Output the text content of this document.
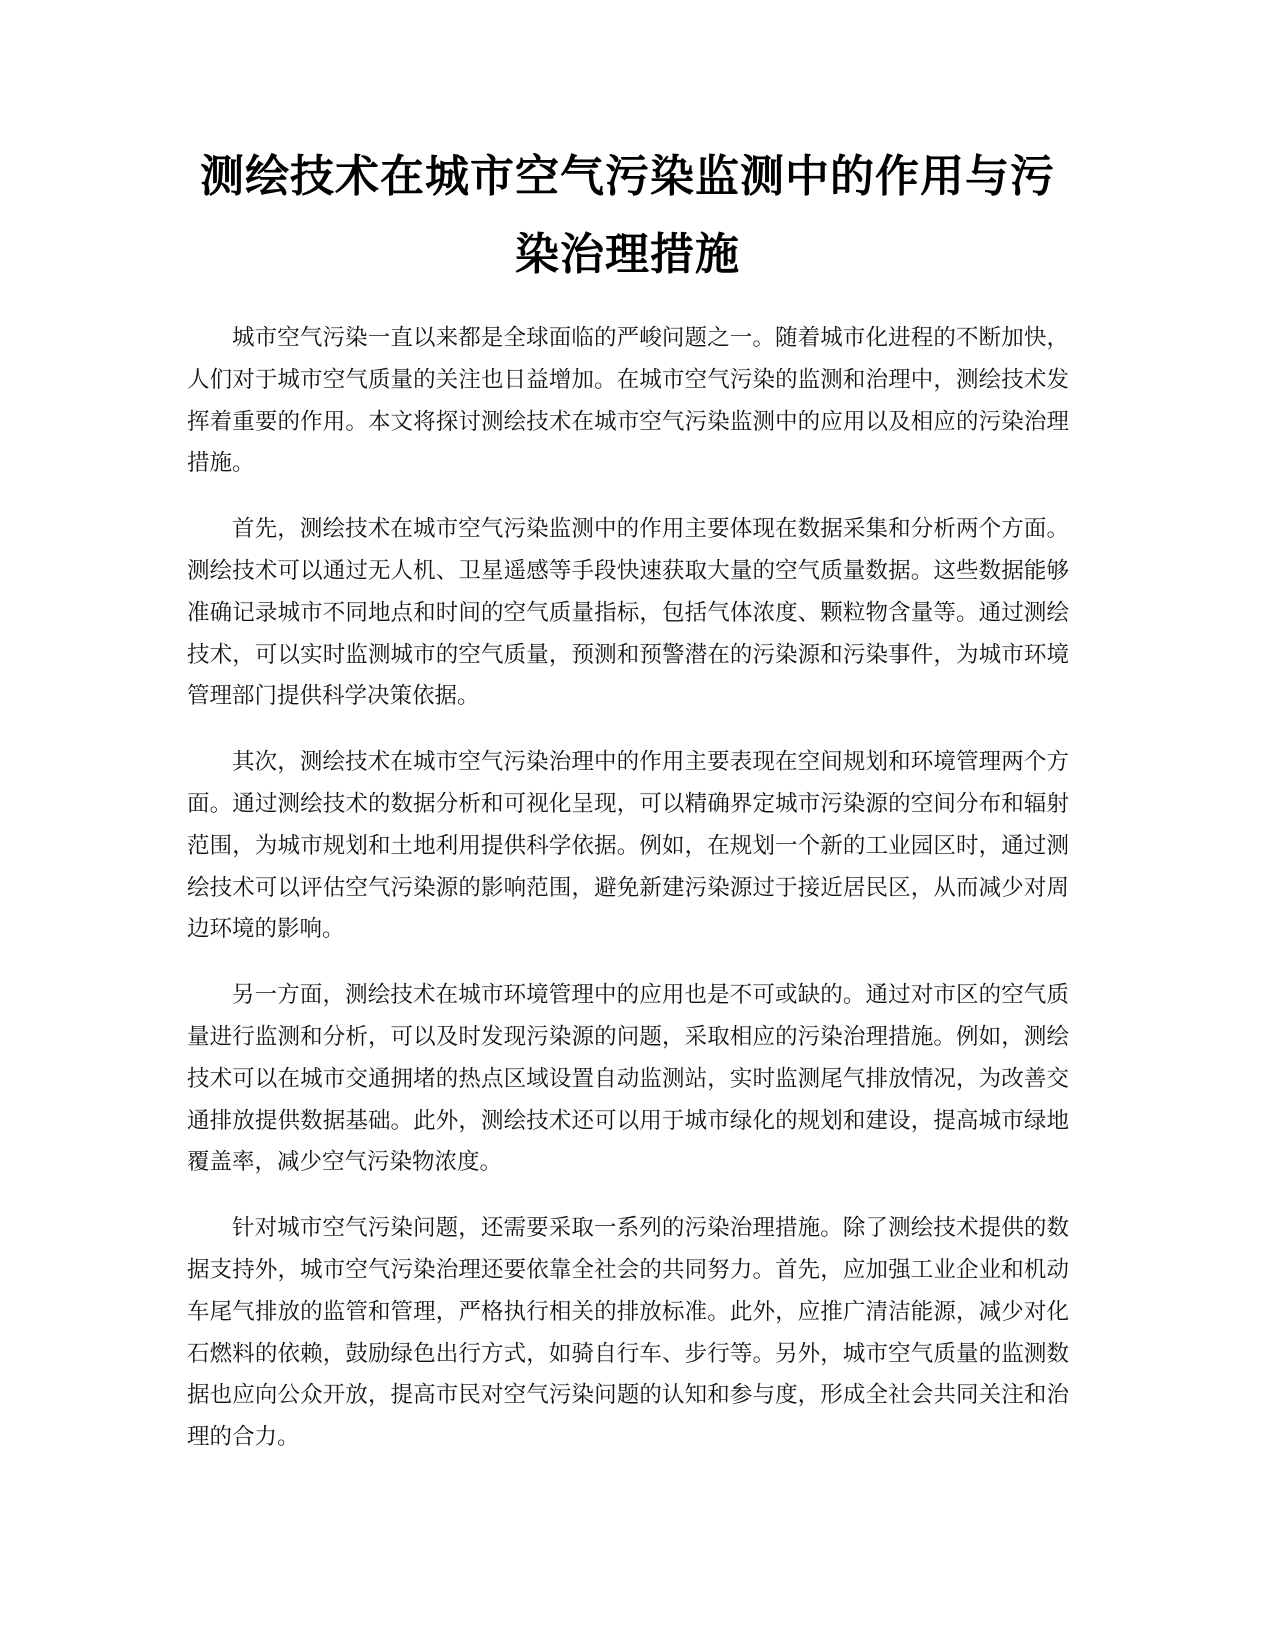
测绘技术在城市空气污染监测中的作用与污染治理措施

城市空气污染一直以来都是全球面临的严峻问题之一。随着城市化进程的不断加快，人们对于城市空气质量的关注也日益增加。在城市空气污染的监测和治理中，测绘技术发挥着重要的作用。本文将探讨测绘技术在城市空气污染监测中的应用以及相应的污染治理措施。

首先，测绘技术在城市空气污染监测中的作用主要体现在数据采集和分析两个方面。测绘技术可以通过无人机、卫星遥感等手段快速获取大量的空气质量数据。这些数据能够准确记录城市不同地点和时间的空气质量指标，包括气体浓度、颗粒物含量等。通过测绘技术，可以实时监测城市的空气质量，预测和预警潜在的污染源和污染事件，为城市环境管理部门提供科学决策依据。

其次，测绘技术在城市空气污染治理中的作用主要表现在空间规划和环境管理两个方面。通过测绘技术的数据分析和可视化呈现，可以精确界定城市污染源的空间分布和辐射范围，为城市规划和土地利用提供科学依据。例如，在规划一个新的工业园区时，通过测绘技术可以评估空气污染源的影响范围，避免新建污染源过于接近居民区，从而减少对周边环境的影响。

另一方面，测绘技术在城市环境管理中的应用也是不可或缺的。通过对市区的空气质量进行监测和分析，可以及时发现污染源的问题，采取相应的污染治理措施。例如，测绘技术可以在城市交通拥堵的热点区域设置自动监测站，实时监测尾气排放情况，为改善交通排放提供数据基础。此外，测绘技术还可以用于城市绿化的规划和建设，提高城市绿地覆盖率，减少空气污染物浓度。

针对城市空气污染问题，还需要采取一系列的污染治理措施。除了测绘技术提供的数据支持外，城市空气污染治理还要依靠全社会的共同努力。首先，应加强工业企业和机动车尾气排放的监管和管理，严格执行相关的排放标准。此外，应推广清洁能源，减少对化石燃料的依赖，鼓励绿色出行方式，如骑自行车、步行等。另外，城市空气质量的监测数据也应向公众开放，提高市民对空气污染问题的认知和参与度，形成全社会共同关注和治理的合力。
